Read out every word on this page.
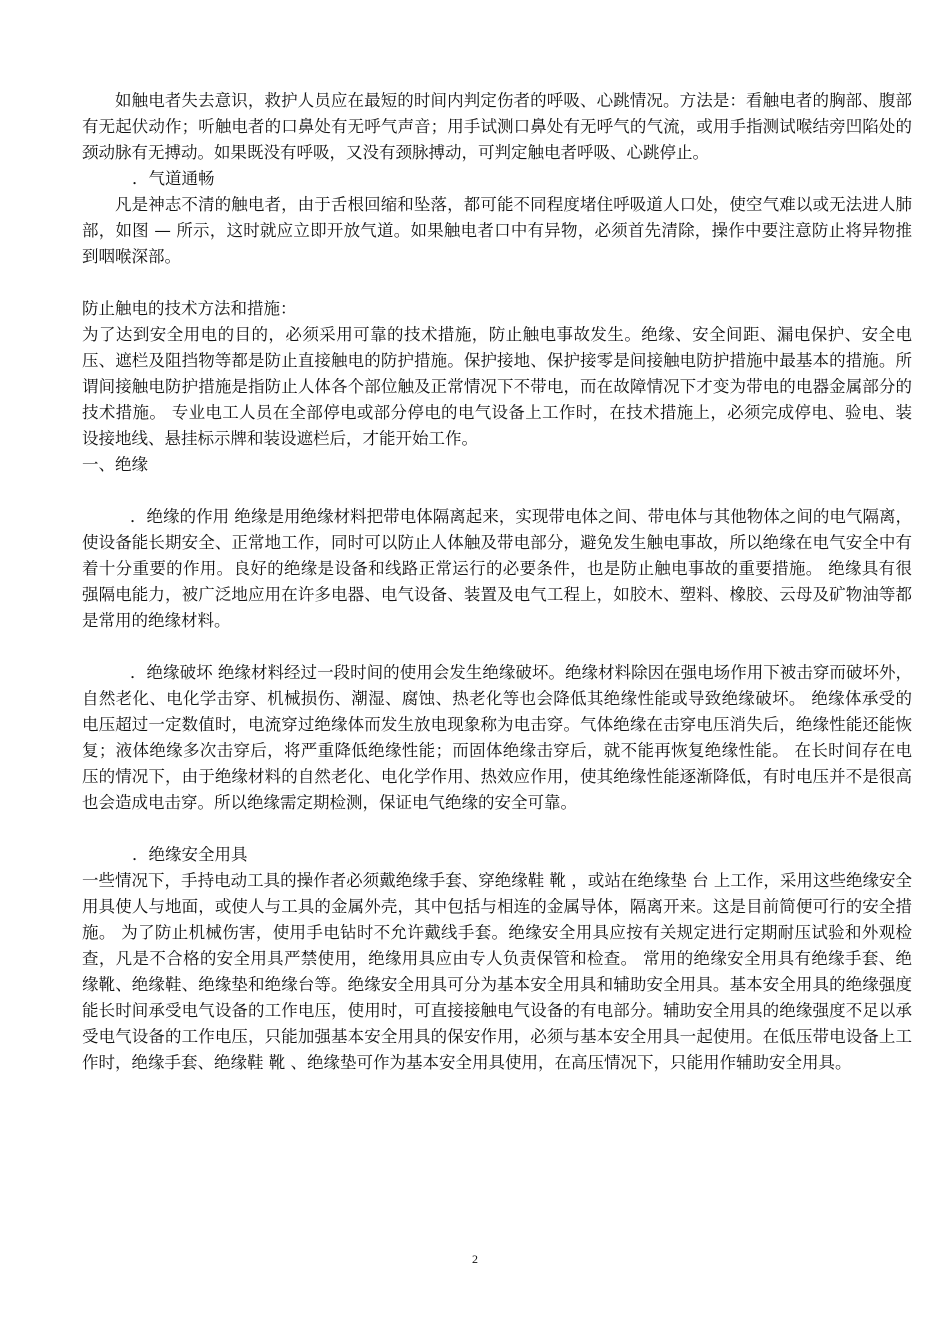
如触电者失去意识，救护人员应在最短的时间内判定伤者的呼吸、心跳情况。方法是：看触电者的胸部、腹部有无起伏动作；听触电者的口鼻处有无呼气声音；用手试测口鼻处有无呼气的气流，或用手指测试喉结旁凹陷处的颈动脉有无搏动。如果既没有呼吸，又没有颈脉搏动，可判定触电者呼吸、心跳停止。

．气道通畅

凡是神志不清的触电者，由于舌根回缩和坠落，都可能不同程度堵住呼吸道人口处，使空气难以或无法进人肺部，如图 — 所示，这时就应立即开放气道。如果触电者口中有异物，必须首先清除，操作中要注意防止将异物推到咽喉深部。

防止触电的技术方法和措施：

为了达到安全用电的目的，必须采用可靠的技术措施，防止触电事故发生。绝缘、安全间距、漏电保护、安全电压、遮栏及阻挡物等都是防止直接触电的防护措施。保护接地、保护接零是间接触电防护措施中最基本的措施。所谓间接触电防护措施是指防止人体各个部位触及正常情况下不带电，而在故障情况下才变为带电的电器金属部分的技术措施。 专业电工人员在全部停电或部分停电的电气设备上工作时，在技术措施上，必须完成停电、验电、装设接地线、悬挂标示牌和装设遮栏后，才能开始工作。

一、绝缘

．绝缘的作用 绝缘是用绝缘材料把带电体隔离起来，实现带电体之间、带电体与其他物体之间的电气隔离，使设备能长期安全、正常地工作，同时可以防止人体触及带电部分，避免发生触电事故，所以绝缘在电气安全中有着十分重要的作用。良好的绝缘是设备和线路正常运行的必要条件，也是防止触电事故的重要措施。 绝缘具有很强隔电能力，被广泛地应用在许多电器、电气设备、装置及电气工程上，如胶木、塑料、橡胶、云母及矿物油等都是常用的绝缘材料。

．绝缘破坏 绝缘材料经过一段时间的使用会发生绝缘破坏。绝缘材料除因在强电场作用下被击穿而破坏外，自然老化、电化学击穿、机械损伤、潮湿、腐蚀、热老化等也会降低其绝缘性能或导致绝缘破坏。 绝缘体承受的电压超过一定数值时，电流穿过绝缘体而发生放电现象称为电击穿。气体绝缘在击穿电压消失后，绝缘性能还能恢复；液体绝缘多次击穿后，将严重降低绝缘性能；而固体绝缘击穿后，就不能再恢复绝缘性能。 在长时间存在电压的情况下，由于绝缘材料的自然老化、电化学作用、热效应作用，使其绝缘性能逐渐降低，有时电压并不是很高也会造成电击穿。所以绝缘需定期检测，保证电气绝缘的安全可靠。

．绝缘安全用具

一些情况下，手持电动工具的操作者必须戴绝缘手套、穿绝缘鞋 靴 ，或站在绝缘垫 台 上工作，采用这些绝缘安全用具使人与地面，或使人与工具的金属外壳，其中包括与相连的金属导体，隔离开来。这是目前简便可行的安全措施。 为了防止机械伤害，使用手电钻时不允许戴线手套。绝缘安全用具应按有关规定进行定期耐压试验和外观检查，凡是不合格的安全用具严禁使用，绝缘用具应由专人负责保管和检查。 常用的绝缘安全用具有绝缘手套、绝缘靴、绝缘鞋、绝缘垫和绝缘台等。绝缘安全用具可分为基本安全用具和辅助安全用具。基本安全用具的绝缘强度能长时间承受电气设备的工作电压，使用时，可直接接触电气设备的有电部分。辅助安全用具的绝缘强度不足以承受电气设备的工作电压，只能加强基本安全用具的保安作用，必须与基本安全用具一起使用。在低压带电设备上工作时，绝缘手套、绝缘鞋 靴 、绝缘垫可作为基本安全用具使用，在高压情况下，只能用作辅助安全用具。

2
